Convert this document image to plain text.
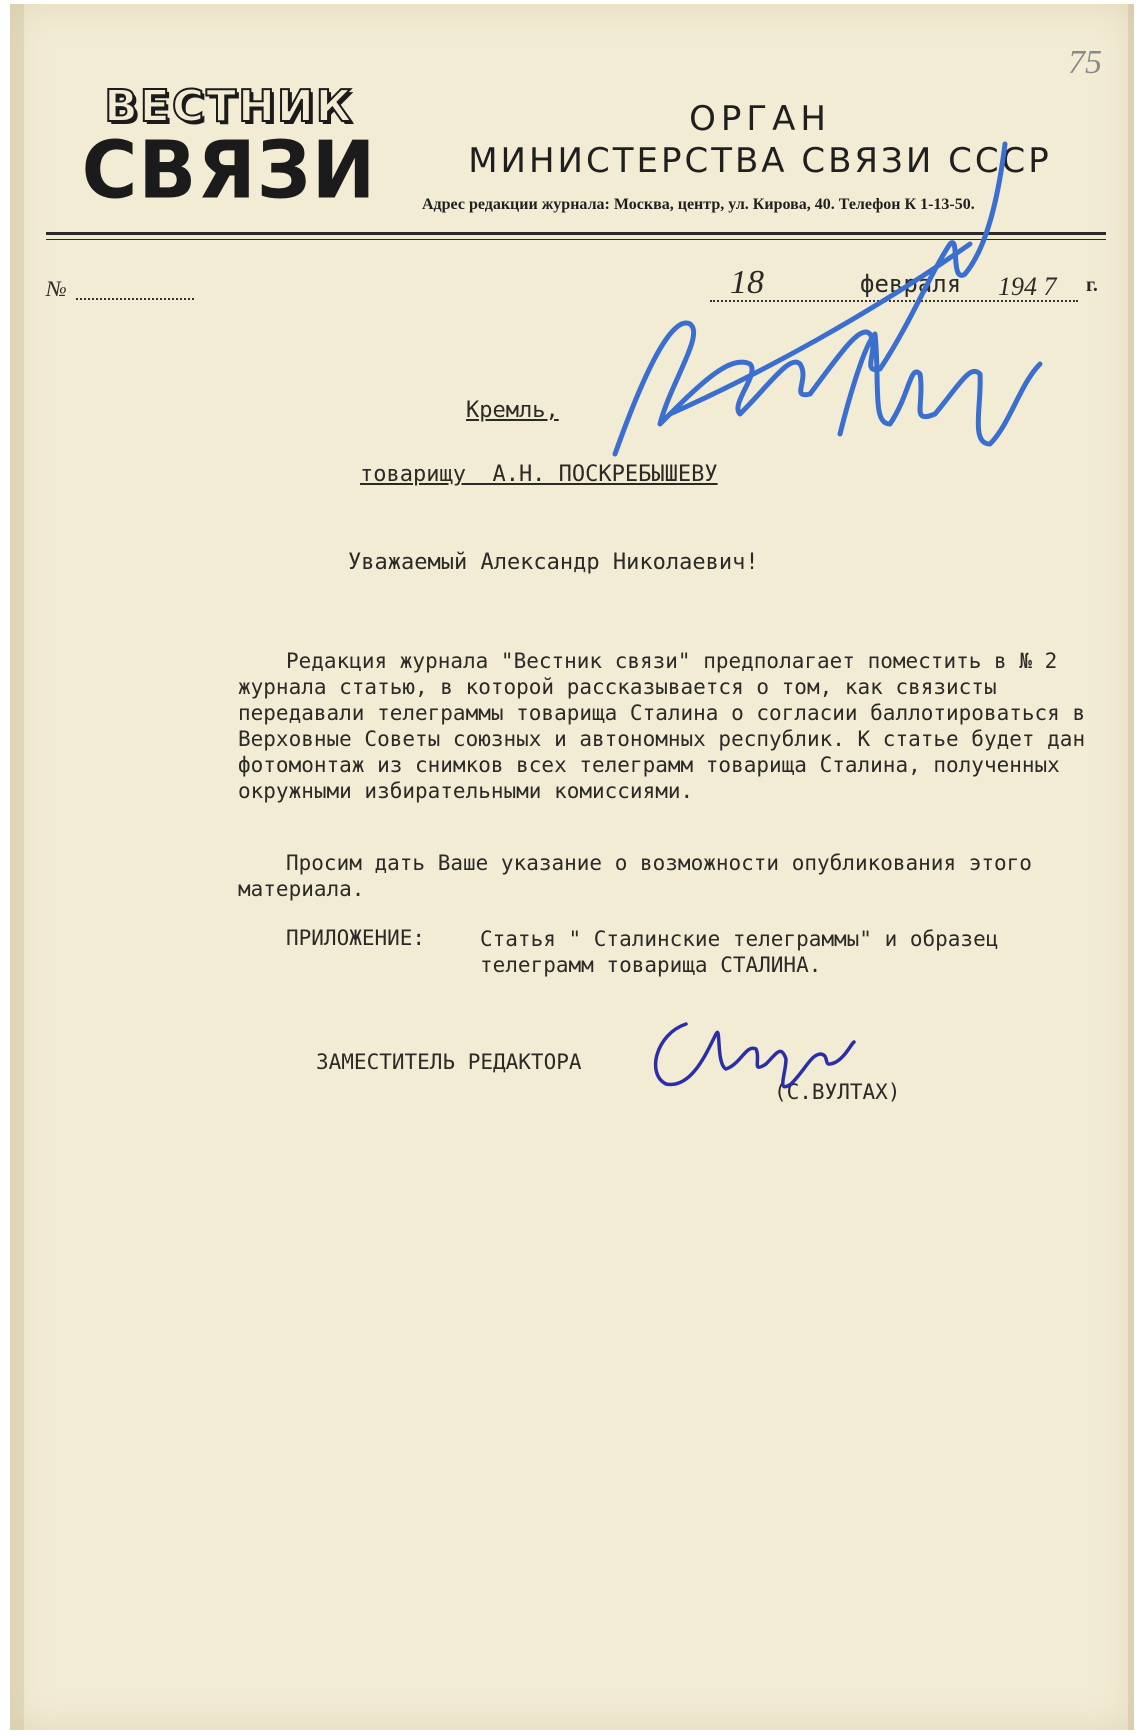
75
ВЕСТНИК
СВЯЗИ
ОРГАН
МИНИСТЕРСТВА СВЯЗИ СССР
Адрес редакции журнала: Москва, центр, ул. Кирова, 40. Телефон К 1-13-50.
№	18	февраля 194 7 г.
Кремль,
товарищу  А.Н. ПОСКРЕБЫШЕВУ
Уважаемый Александр Николаевич!
Редакция журнала "Вестник связи" предполагает поместить в № 2 журнала статью, в которой рассказывается о том, как связисты передавали телеграммы товарища Сталина о согласии баллотироваться в Верховные Советы союзных и автономных республик. К статье будет дан фотомонтаж из снимков всех телеграмм товарища Сталина, полученных окружными избирательными комиссиями.
Просим дать Ваше указание о возможности опубликования этого материала.
ПРИЛОЖЕНИЕ:	Статья " Сталинские телеграммы" и образец телеграмм товарища СТАЛИНА.
ЗАМЕСТИТЕЛЬ РЕДАКТОРА
(С.ВУЛТАХ)
